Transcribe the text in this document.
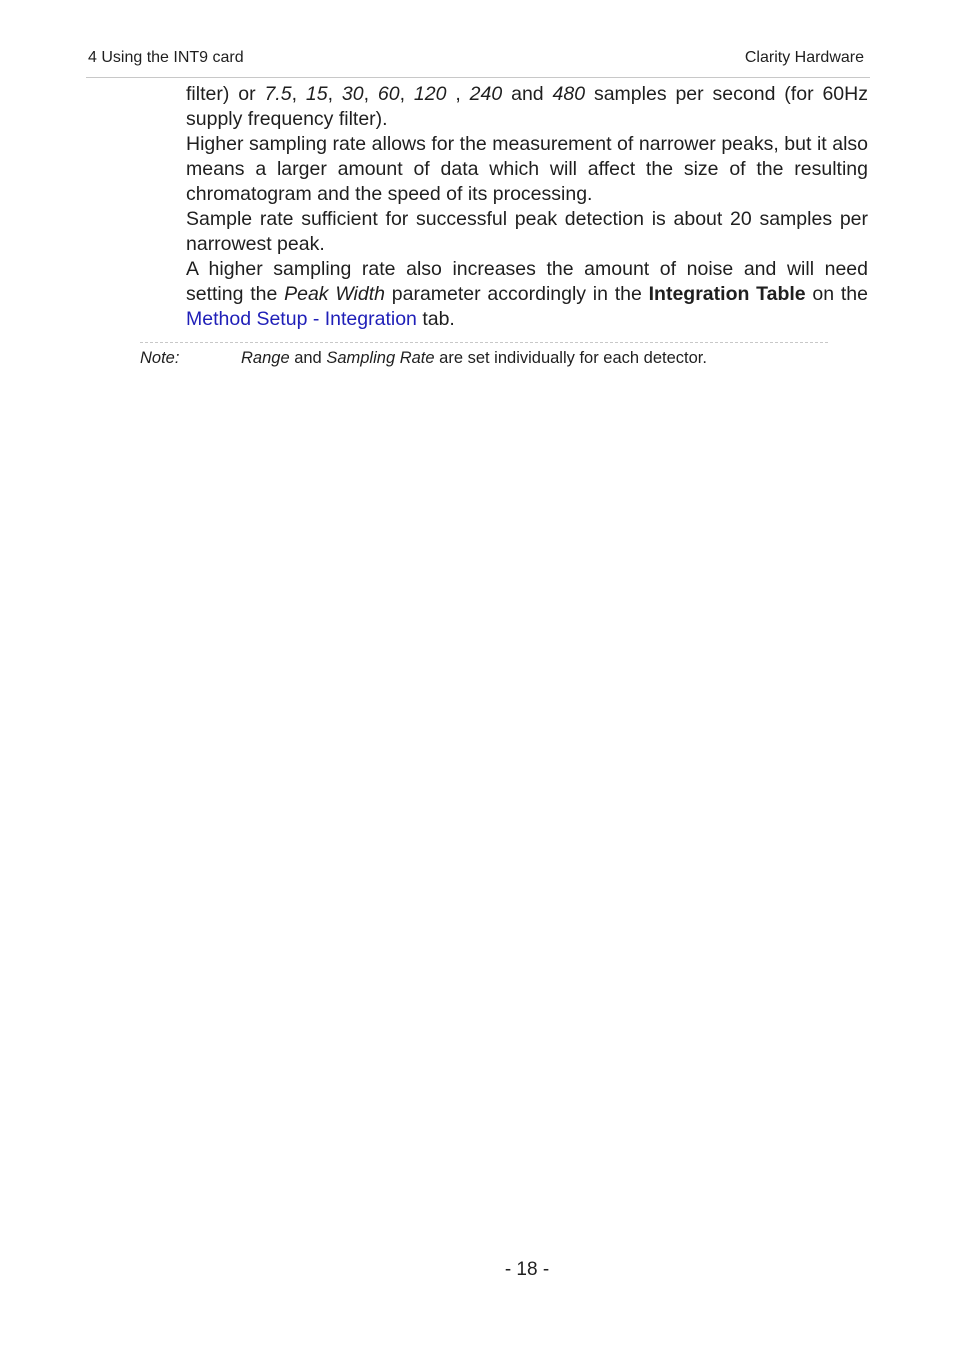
4 Using the INT9 card	Clarity Hardware

filter) or 7.5, 15, 30, 60, 120 , 240 and 480 samples per second (for 60Hz supply frequency filter).

Higher sampling rate allows for the measurement of narrower peaks, but it also means a larger amount of data which will affect the size of the resulting chromatogram and the speed of its processing.

Sample rate sufficient for successful peak detection is about 20 samples per narrowest peak.

A higher sampling rate also increases the amount of noise and will need setting the Peak Width parameter accordingly in the Integration Table on the Method Setup - Integration tab.

Note:	Range and Sampling Rate are set individually for each detector.
- 18 -
